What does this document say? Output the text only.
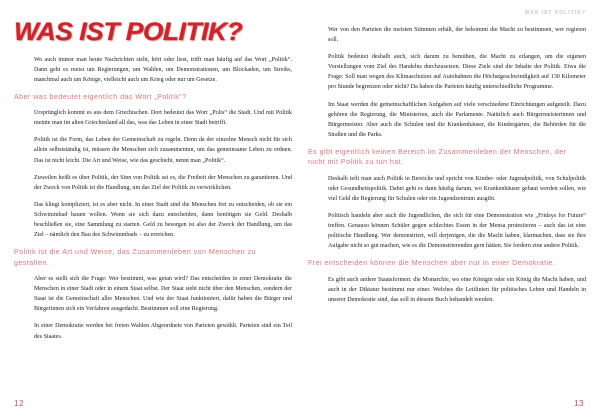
WAS IST POLITIK?

Wo auch immer man heute Nachrichten sieht, hört oder liest, trifft man häufig auf das Wort „Politik“. Dann geht es meist um Regierungen, um Wahlen, um Demonstrationen, um Blockaden, um Streiks, manchmal auch um Könige, vielleicht auch um Krieg oder nur um Gesetze.

Aber was bedeutet eigentlich das Wort „Politik“?

Ursprünglich kommt es aus dem Griechischen. Dort bedeutet das Wort „Polis“ die Stadt. Und mit Politik meinte man im alten Griechenland all das, was das Leben in einer Stadt betrifft.

Politik ist die Form, das Leben der Gemeinschaft zu regeln. Denn da der einzelne Mensch nicht für sich allein selbstständig ist, müssen die Menschen sich zusammentun, um das gemeinsame Leben zu ordnen. Das ist nicht leicht. Die Art und Weise, wie das geschieht, nennt man „Politik“.

Zuweilen heißt es über Politik, der Sinn von Politik sei es, die Freiheit der Menschen zu garantieren. Und der Zweck von Politik ist die Handlung, um das Ziel der Politik zu verwirklichen.

Das klingt kompliziert, ist es aber nicht. In einer Stadt sind die Menschen frei zu entscheiden, ob sie ein Schwimmbad bauen wollen. Wenn sie sich dazu entscheiden, dann benötigen sie Geld. Deshalb beschließen sie, eine Sammlung zu starten. Geld zu besorgen ist also der Zweck der Handlung, um das Ziel – nämlich den Bau des Schwimmbads – zu erreichen.

Politik ist die Art und Weise, das Zusammenleben von Menschen zu gestalten.

Aber es stellt sich die Frage: Wer bestimmt, was getan wird? Das entscheiden in einer Demokratie die Menschen in einer Stadt oder in einem Staat selbst. Der Staat steht nicht über den Menschen, sondern der Staat ist die Gemeinschaft aller Menschen. Und wie der Staat funktioniert, dafür haben die Bürger und Bürgerinnen sich ein Verfahren ausgedacht. Bestimmen soll eine Regierung.

In einer Demokratie werden bei freien Wahlen Abgeordnete von Parteien gewählt. Parteien sind ein Teil des Staates.

12
WAS IST POLITIK?

Wer von den Parteien die meisten Stimmen erhält, der bekommt die Macht zu bestimmen, wer regieren soll.

Politik bedeutet deshalb auch, sich darum zu bemühen, die Macht zu erlangen, um die eigenen Vorstellungen vom Ziel des Handelns durchzusetzen. Diese Ziele sind die Inhalte der Politik. Etwa die Frage: Soll man wegen des Klimaschutzes auf Autobahnen die Höchstgeschwindigkeit auf 130 Kilometer pro Stunde begrenzen oder nicht? Da haben die Parteien häufig unterschiedliche Programme.

Im Staat werden die gemeinschaftlichen Aufgaben auf viele verschiedene Einrichtungen aufgeteilt. Dazu gehören die Regierung, die Ministerien, auch die Parlamente. Natürlich auch Bürgermeisterinnen und Bürgermeister. Aber auch die Schulen und die Krankenhäuser, die Kindergärten, die Behörden für die Straßen und die Parks.

Es gibt eigentlich keinen Bereich im Zusammenleben der Menschen, der nicht mit Politik zu tun hat.

Deshalb teilt man auch Politik in Bereiche und spricht von Kinder- oder Jugendpolitik, von Schulpolitik oder Gesundheitspolitik. Dabei geht es dann häufig darum, wo Krankenhäuser gebaut werden sollen, wie viel Geld die Regierung für Schulen oder ein Jugendzentrum ausgibt.

Politisch handeln aber auch die Jugendlichen, die sich für eine Demonstration wie „Fridays for Future“ treffen. Genauso können Schüler gegen schlechtes Essen in der Mensa protestieren – auch das ist eine politische Handlung. Wer demonstriert, will derjenigen, die die Macht haben, klarmachen, dass sie ihre Aufgabe nicht so gut machen, wie es die Demonstrierenden gern hätten. Sie fordern eine andere Politik.

Frei entscheiden können die Menschen aber nur in einer Demokratie.

Es gibt auch andere Staatsformen: die Monarchie, wo eine Königin oder ein König die Macht haben, und auch in der Diktatur bestimmt nur einer. Welches die Leitlinien für politisches Leben und Handeln in unserer Demokratie sind, das soll in diesem Buch behandelt werden.

13
